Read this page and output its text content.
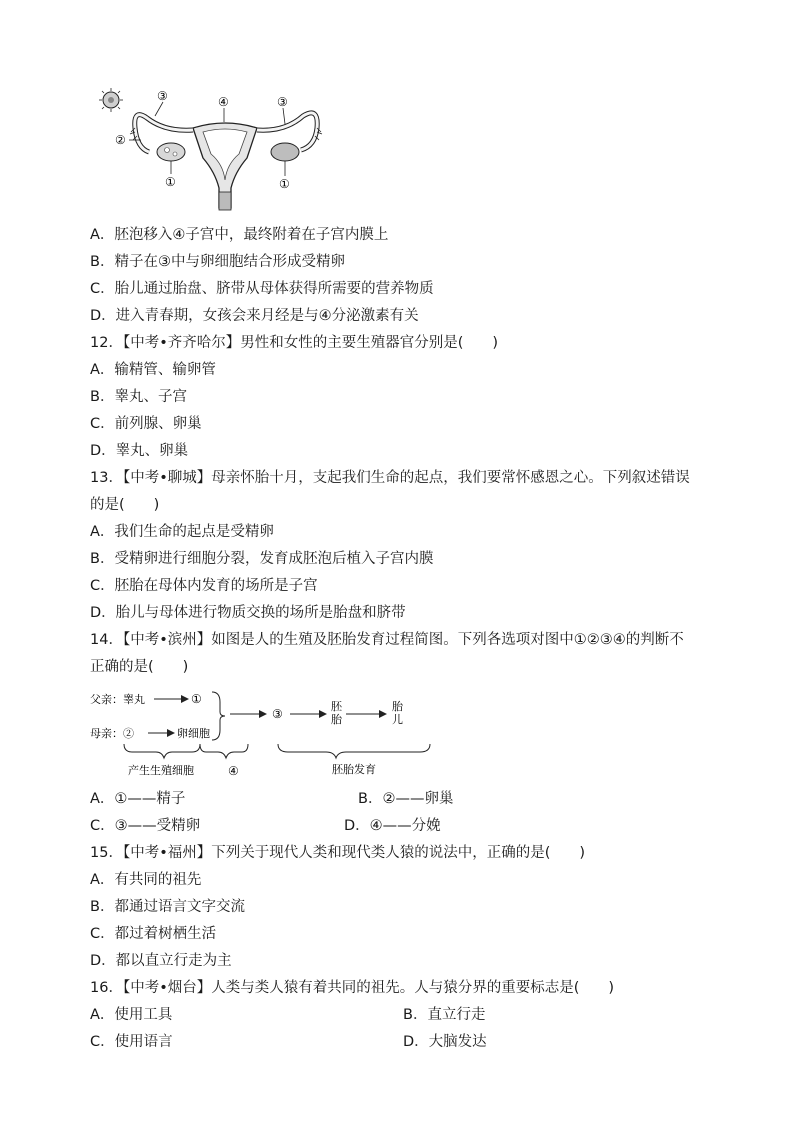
①	①
②
③	④	③
A．胚泡移入④子宫中，最终附着在子宫内膜上
B．精子在③中与卵细胞结合形成受精卵
C．胎儿通过胎盘、脐带从母体获得所需要的营养物质
D．进入青春期，女孩会来月经是与④分泌激素有关
12．【中考•齐齐哈尔】男性和女性的主要生殖器官分别是(　　)
A．输精管、输卵管
B．睾丸、子宫
C．前列腺、卵巢
D．睾丸、卵巢
13．【中考•聊城】母亲怀胎十月，支起我们生命的起点，我们要常怀感恩之心。下列叙述错误
的是(　　)
A．我们生命的起点是受精卵
B．受精卵进行细胞分裂，发育成胚泡后植入子宫内膜
C．胚胎在母体内发育的场所是子宫
D．胎儿与母体进行物质交换的场所是胎盘和脐带
14．【中考•滨州】如图是人的生殖及胚胎发育过程简图。下列各选项对图中①②③④的判断不
正确的是(　　)
父亲：睾丸	①
母亲：②	卵细胞
③
胚
胎
胎
儿
产生生殖细胞	④	胚胎发育
A．①——精子	B．②——卵巢
C．③——受精卵	D．④——分娩
15．【中考•福州】下列关于现代人类和现代类人猿的说法中，正确的是(　　)
A．有共同的祖先
B．都通过语言文字交流
C．都过着树栖生活
D．都以直立行走为主
16．【中考•烟台】人类与类人猿有着共同的祖先。人与猿分界的重要标志是(　　)
A．使用工具	B．直立行走
C．使用语言	D．大脑发达
